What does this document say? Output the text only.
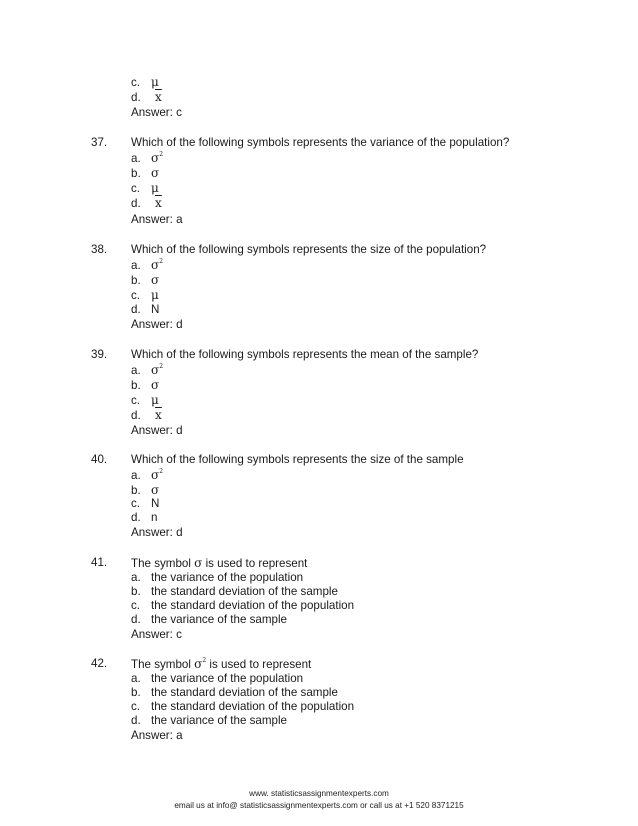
c. μ
d. $\overline{x}$
Answer: c
37. Which of the following symbols represents the variance of the population?
a. $\sigma^2$
b. σ
c. μ
d. $\overline{x}$
Answer: a
38. Which of the following symbols represents the size of the population?
a. $\sigma^2$
b. σ
c. μ
d. N
Answer: d
39. Which of the following symbols represents the mean of the sample?
a. $\sigma^2$
b. σ
c. μ
d. $\overline{x}$
Answer: d
40. Which of the following symbols represents the size of the sample
a. $\sigma^2$
b. σ
c. N
d. n
Answer: d
41. The symbol σ is used to represent
a. the variance of the population
b. the standard deviation of the sample
c. the standard deviation of the population
d. the variance of the sample
Answer: c
42. The symbol $\sigma^2$ is used to represent
a. the variance of the population
b. the standard deviation of the sample
c. the standard deviation of the population
d. the variance of the sample
Answer: a
www. statisticsassignmentexperts.com
email us at info@ statisticsassignmentexperts.com or call us at +1 520 8371215
